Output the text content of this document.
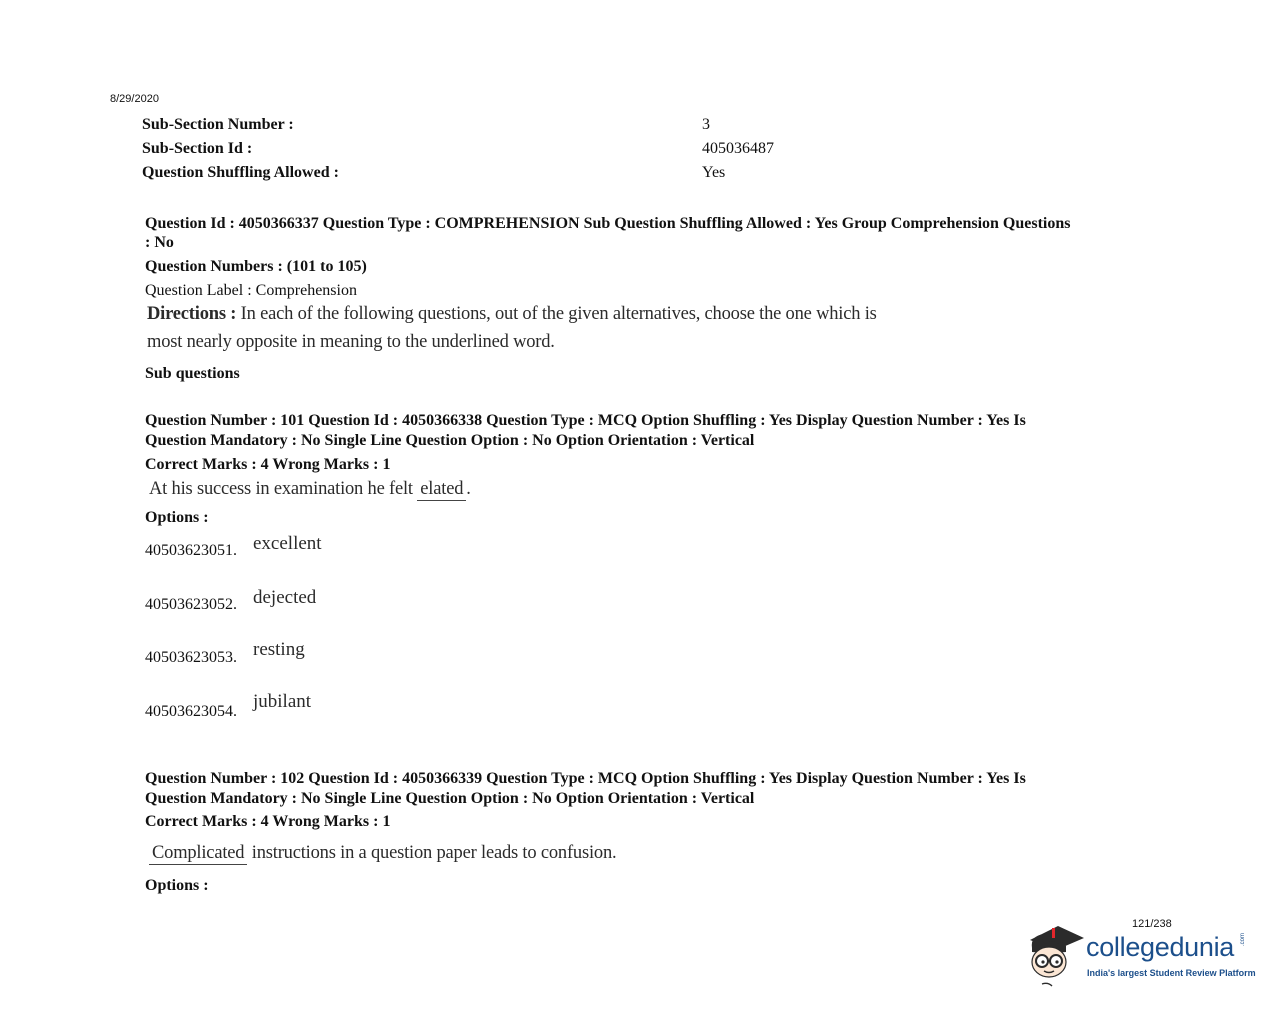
8/29/2020
Sub-Section Number :	3
Sub-Section Id :	405036487
Question Shuffling Allowed :	Yes
Question Id : 4050366337 Question Type : COMPREHENSION Sub Question Shuffling Allowed : Yes Group Comprehension Questions
: No
Question Numbers : (101 to 105)
Question Label : Comprehension
Directions : In each of the following questions, out of the given alternatives, choose the one which is
most nearly opposite in meaning to the underlined word.
Sub questions
Question Number : 101 Question Id : 4050366338 Question Type : MCQ Option Shuffling : Yes Display Question Number : Yes Is
Question Mandatory : No Single Line Question Option : No Option Orientation : Vertical
Correct Marks : 4 Wrong Marks : 1
At his success in examination he felt elated .
Options :
40503623051. excellent
40503623052. dejected
40503623053. resting
40503623054. jubilant
Question Number : 102 Question Id : 4050366339 Question Type : MCQ Option Shuffling : Yes Display Question Number : Yes Is
Question Mandatory : No Single Line Question Option : No Option Orientation : Vertical
Correct Marks : 4 Wrong Marks : 1
Complicated instructions in a question paper leads to confusion.
Options :
121/238
collegedunia .com
India's largest Student Review Platform
